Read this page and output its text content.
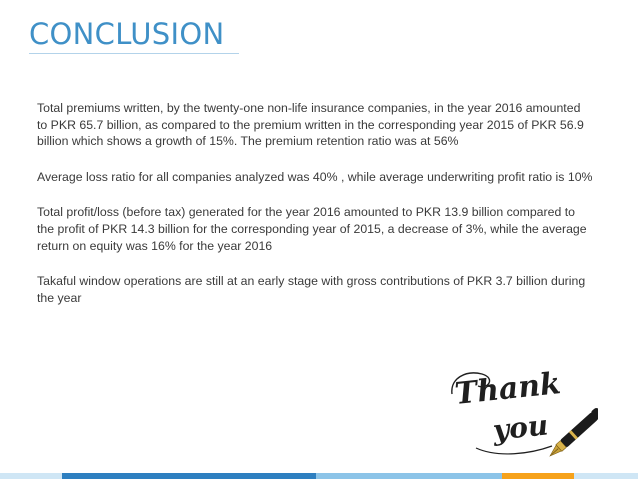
CONCLUSION

Total premiums written, by the twenty-one non-life insurance companies, in the year 2016 amounted to PKR 65.7 billion, as compared to the premium written in the corresponding year 2015 of PKR 56.9 billion which shows a growth of 15%. The premium retention ratio was at 56%

Average loss ratio for all companies analyzed was 40% , while average underwriting profit ratio is 10%

Total profit/loss (before tax) generated for the year 2016 amounted to PKR 13.9 billion compared to the profit of PKR 14.3 billion for the corresponding year of 2015, a decrease of 3%, while the average return on equity was 16% for the year 2016

Takaful window operations are still at an early stage with gross contributions of PKR 3.7 billion during the year

Thank
you
